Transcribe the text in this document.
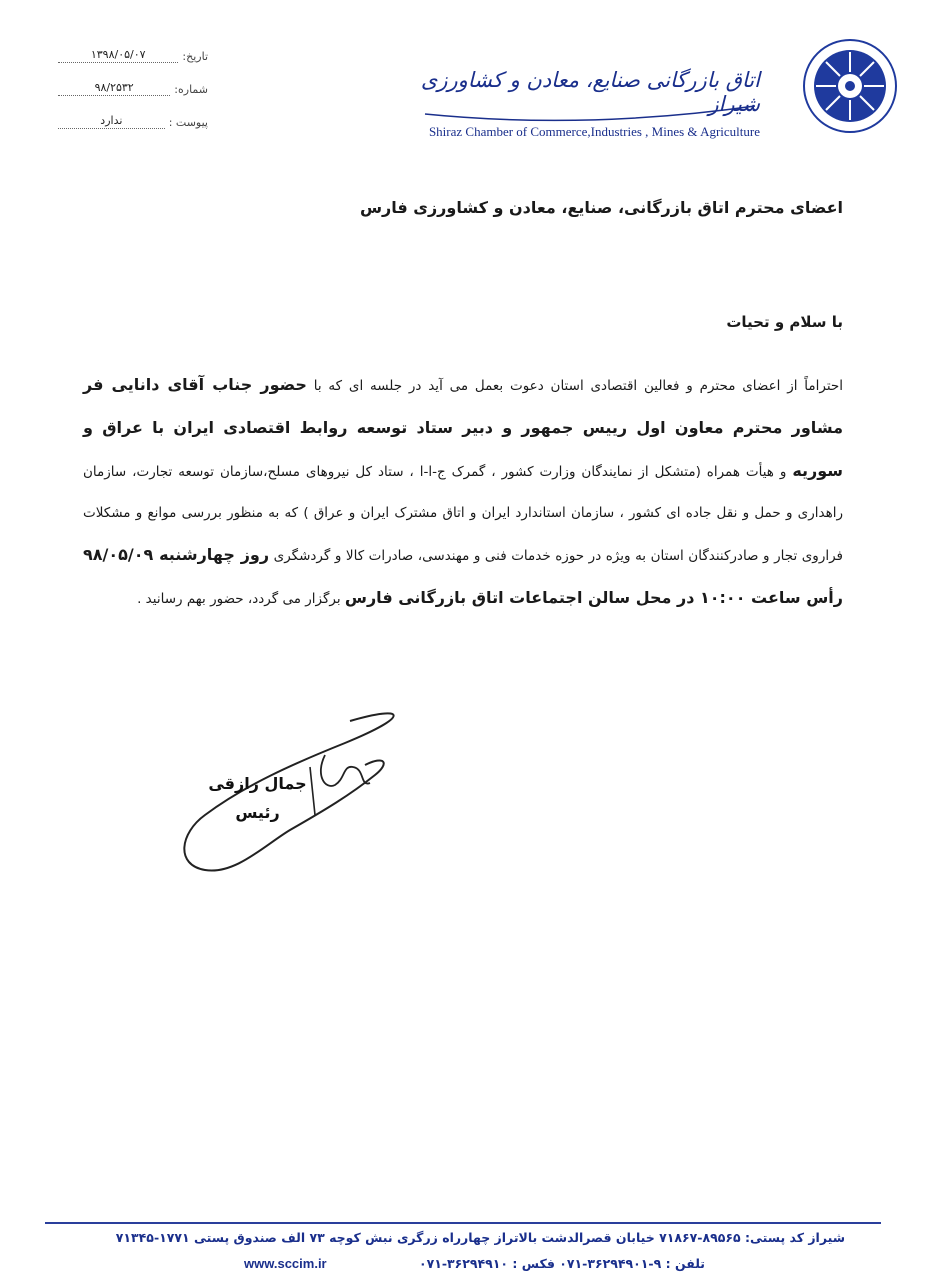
تاریخ:
۱۳۹۸/۰۵/۰۷
شماره:
۹۸/۲۵۳۲
پیوست :
ندارد
اتاق بازرگانی صنایع، معادن و کشاورزی شیراز
Shiraz Chamber of Commerce,Industries , Mines & Agriculture
اعضای محترم اتاق بازرگانی، صنایع، معادن و کشاورزی فارس
با سلام و تحیات
احتراماً از اعضای محترم و فعالین اقتصادی استان دعوت بعمل می آید در جلسه ای که با حضور جناب آقای دانایی فر مشاور محترم معاون اول رییس جمهور و دبیر ستاد توسعه روابط اقتصادی ایران با عراق و سوریه و هیأت همراه (متشکل از نمایندگان وزارت کشور ، گمرک ج-ا-ا ، ستاد کل نیروهای مسلح،سازمان توسعه تجارت، سازمان راهداری و حمل و نقل جاده ای کشور ، سازمان استاندارد ایران و اتاق مشترک ایران و عراق ) که به منظور بررسی موانع و مشکلات فراروی تجار و صادرکنندگان استان به ویژه در حوزه خدمات فنی و مهندسی، صادرات کالا و گردشگری روز چهارشنبه ۹۸/۰۵/۰۹ رأس ساعت ۱۰:۰۰ در محل سالن اجتماعات اتاق بازرگانی فارس برگزار می گردد، حضور بهم رسانید .
جمال رازقی
رئیس
شیراز کد پستی: ۸۹۵۶۵-۷۱۸۶۷ خیابان قصرالدشت بالاتراز چهارراه زرگری نبش کوچه ۷۳ الف صندوق پستی ۱۷۷۱-۷۱۳۴۵
تلفن : ۹-۳۶۲۹۴۹۰۱-۰۷۱ فکس : ۳۶۲۹۴۹۱۰-۰۷۱
www.sccim.ir
